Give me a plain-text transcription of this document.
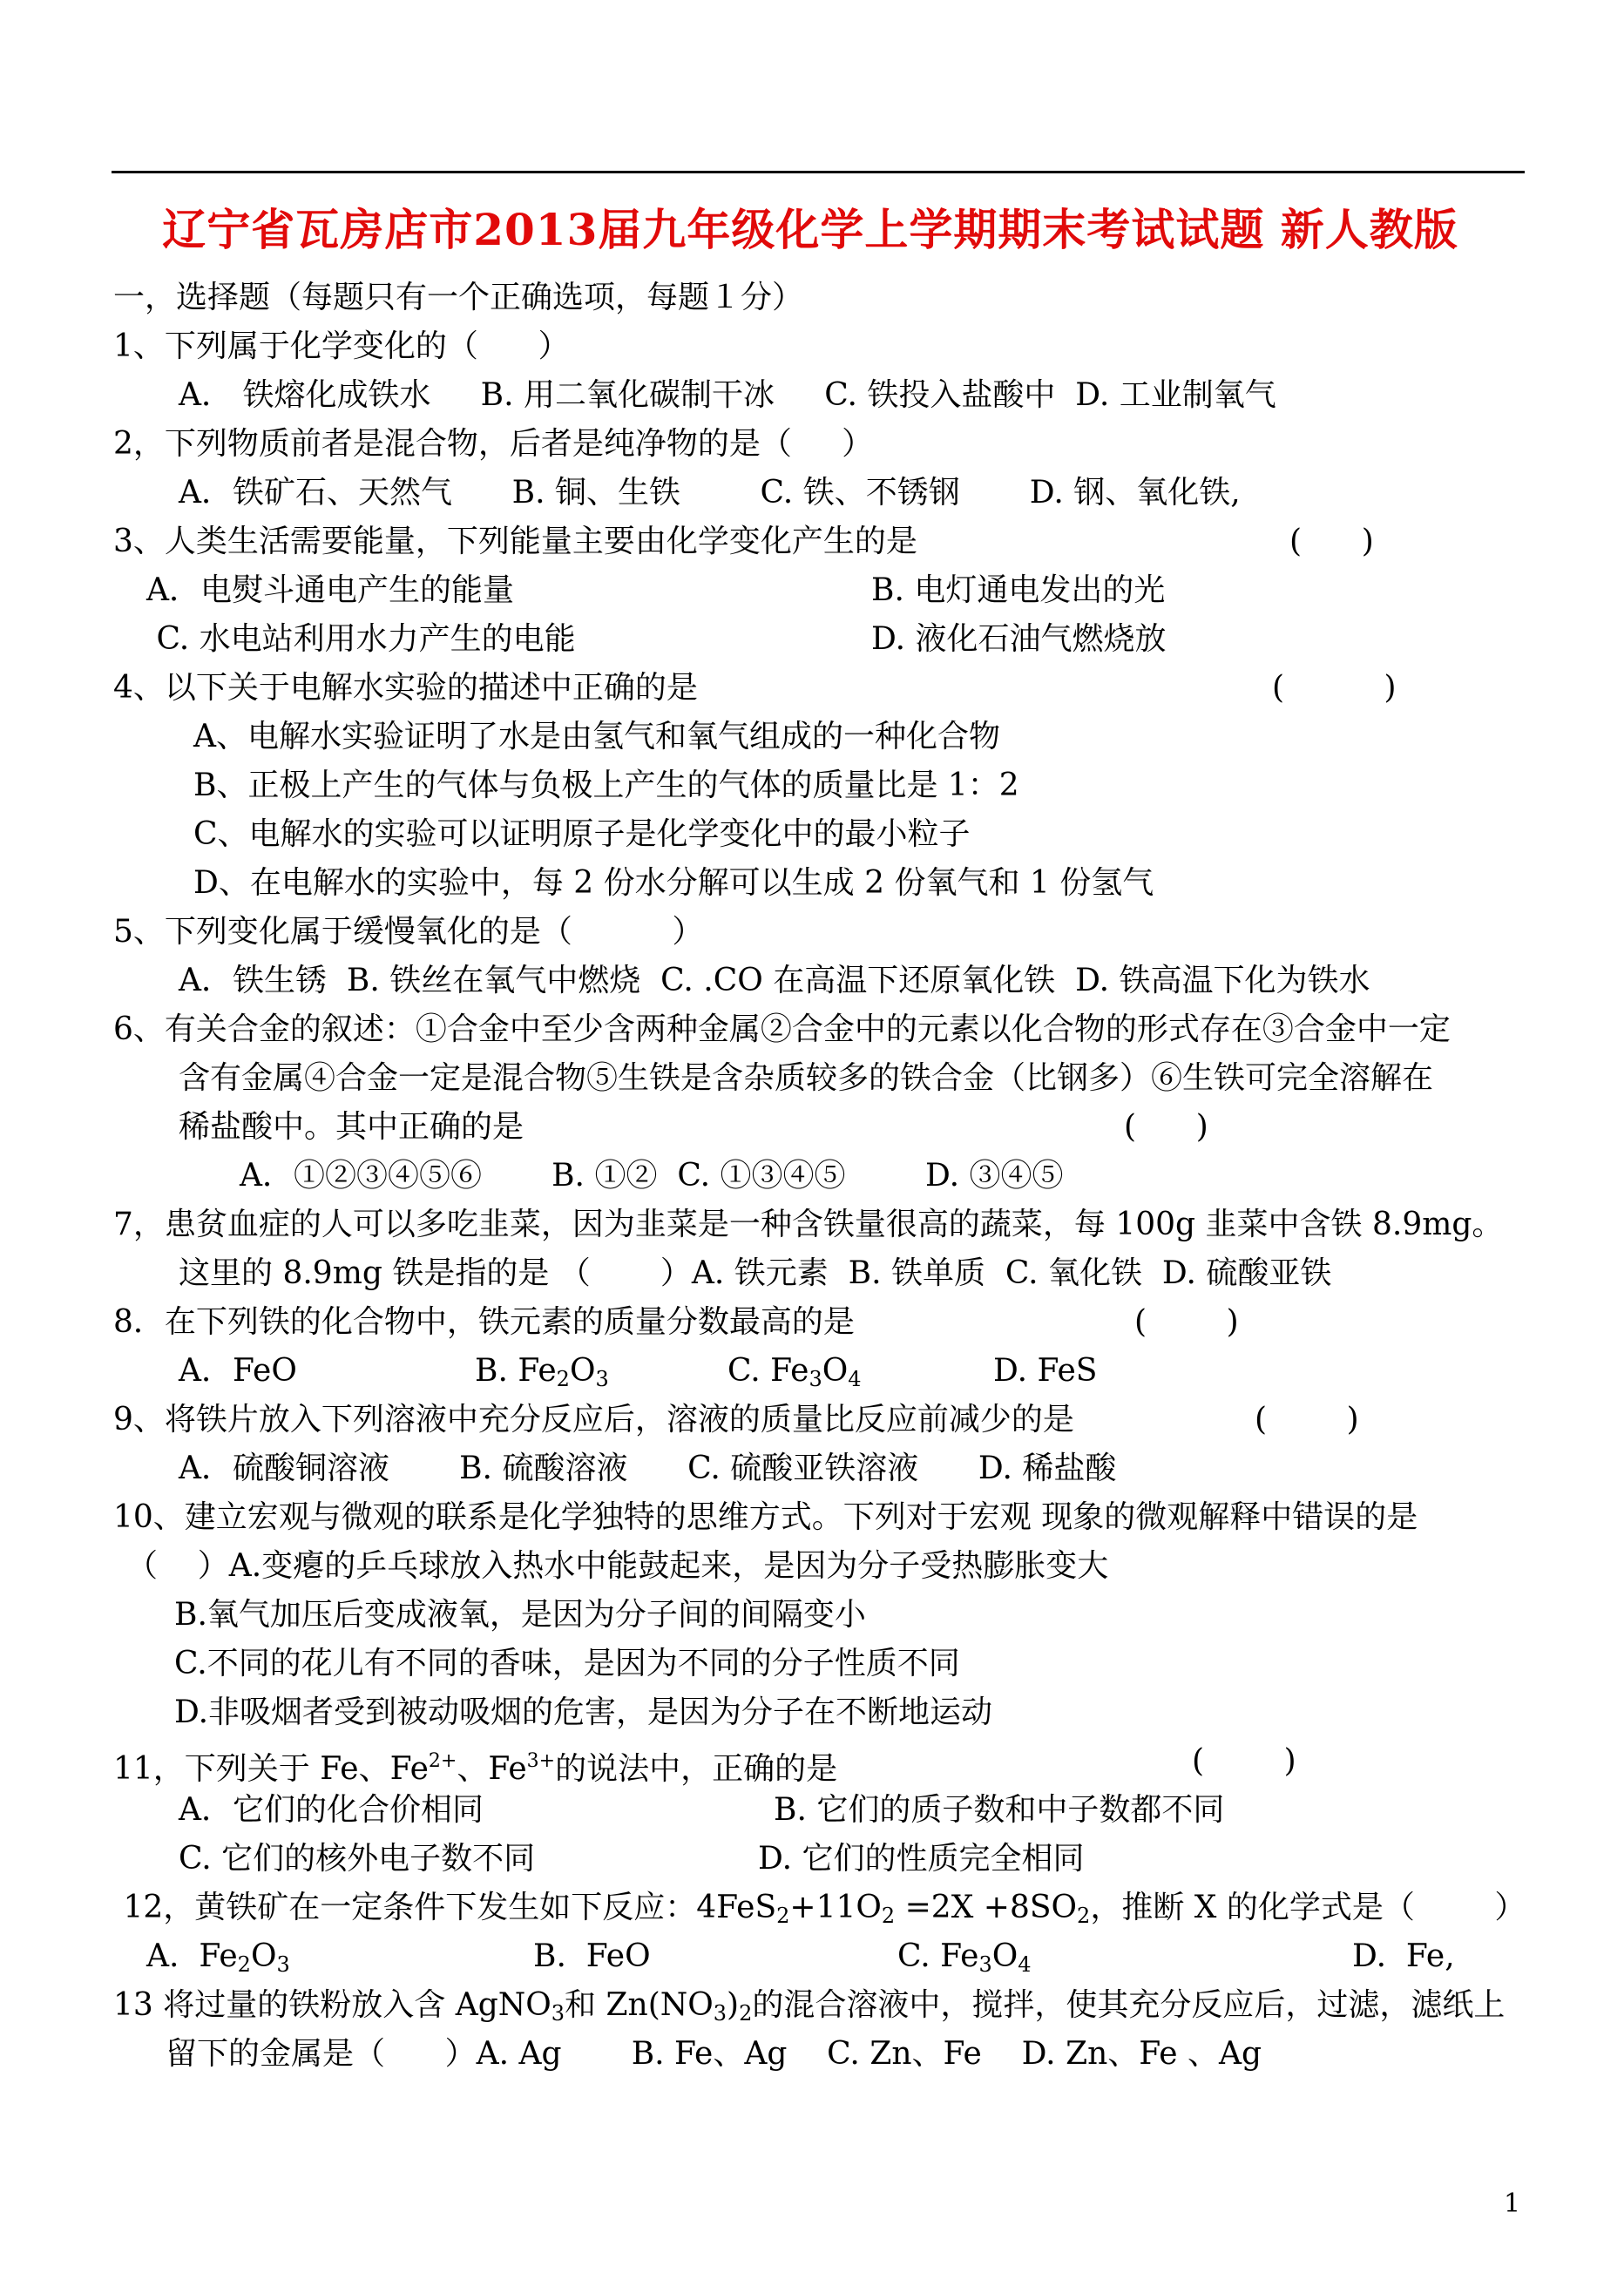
辽宁省瓦房店市2013届九年级化学上学期期末考试试题 新人教版
一，选择题（每题只有一个正确选项，每题１分）
1、下列属于化学变化的（      ）
A． 铁熔化成铁水     B. 用二氧化碳制干冰     C. 铁投入盐酸中  D. 工业制氧气
2，下列物质前者是混合物，后者是纯净物的是（     ）
A．铁矿石、天然气      B. 铜、生铁        C. 铁、不锈钢       D. 钢、氧化铁,
3、人类生活需要能量，下列能量主要由化学变化产生的是	(      )
A．电熨斗通电产生的能量	B. 电灯通电发出的光
C. 水电站利用水力产生的电能	D. 液化石油气燃烧放
4、以下关于电解水实验的描述中正确的是	(          )
A、电解水实验证明了水是由氢气和氧气组成的一种化合物
B、正极上产生的气体与负极上产生的气体的质量比是 1：2
C、电解水的实验可以证明原子是化学变化中的最小粒子
D、在电解水的实验中，每 2 份水分解可以生成 2 份氧气和 1 份氢气
5、下列变化属于缓慢氧化的是（          ）
A．铁生锈  B. 铁丝在氧气中燃烧  C. .CO 在高温下还原氧化铁  D. 铁高温下化为铁水
6、有关合金的叙述：①合金中至少含两种金属②合金中的元素以化合物的形式存在③合金中一定
含有金属④合金一定是混合物⑤生铁是含杂质较多的铁合金（比钢多）⑥生铁可完全溶解在
稀盐酸中。其中正确的是	(      )
A．①②③④⑤⑥       B. ①②  C. ①③④⑤        D. ③④⑤
7，患贫血症的人可以多吃韭菜，因为韭菜是一种含铁量很高的蔬菜，每 100g 韭菜中含铁 8.9mg。
这里的 8.9mg 铁是指的是 （       ）A. 铁元素  B. 铁单质  C. 氧化铁  D. 硫酸亚铁
8．在下列铁的化合物中，铁元素的质量分数最高的是	(        )
A．FeO	B. $Fe_2O_3$	C. $Fe_3O_4$	D. FeS
9、将铁片放入下列溶液中充分反应后，溶液的质量比反应前减少的是	(        )
A．硫酸铜溶液       B. 硫酸溶液      C. 硫酸亚铁溶液      D. 稀盐酸
10、建立宏观与微观的联系是化学独特的思维方式。下列对于宏观 现象的微观解释中错误的是
（    ）A.变瘪的乒乓球放入热水中能鼓起来，是因为分子受热膨胀变大
B.氧气加压后变成液氧，是因为分子间的间隔变小
C.不同的花儿有不同的香味，是因为不同的分子性质不同
D.非吸烟者受到被动吸烟的危害，是因为分子在不断地运动
11，下列关于 Fe、$Fe^{2+}$、$Fe^{3+}$的说法中，正确的是	(        )
A．它们的化合价相同	B. 它们的质子数和中子数都不同
C. 它们的核外电子数不同	D. 它们的性质完全相同
12，黄铁矿在一定条件下发生如下反应：$4FeS_2+11O_2 =2X +8SO_2$，推断 X 的化学式是（        ）
A.  $Fe_2O_3$	B.  FeO	C. $Fe_3O_4$	D.  Fe,
13 将过量的铁粉放入含 AgNO$_3$和 $Zn(NO_3)_2$的混合溶液中，搅拌，使其充分反应后，过滤，滤纸上
留下的金属是（      ）A. Ag       B. Fe、Ag    C. Zn、Fe    D. Zn、Fe 、Ag
1
